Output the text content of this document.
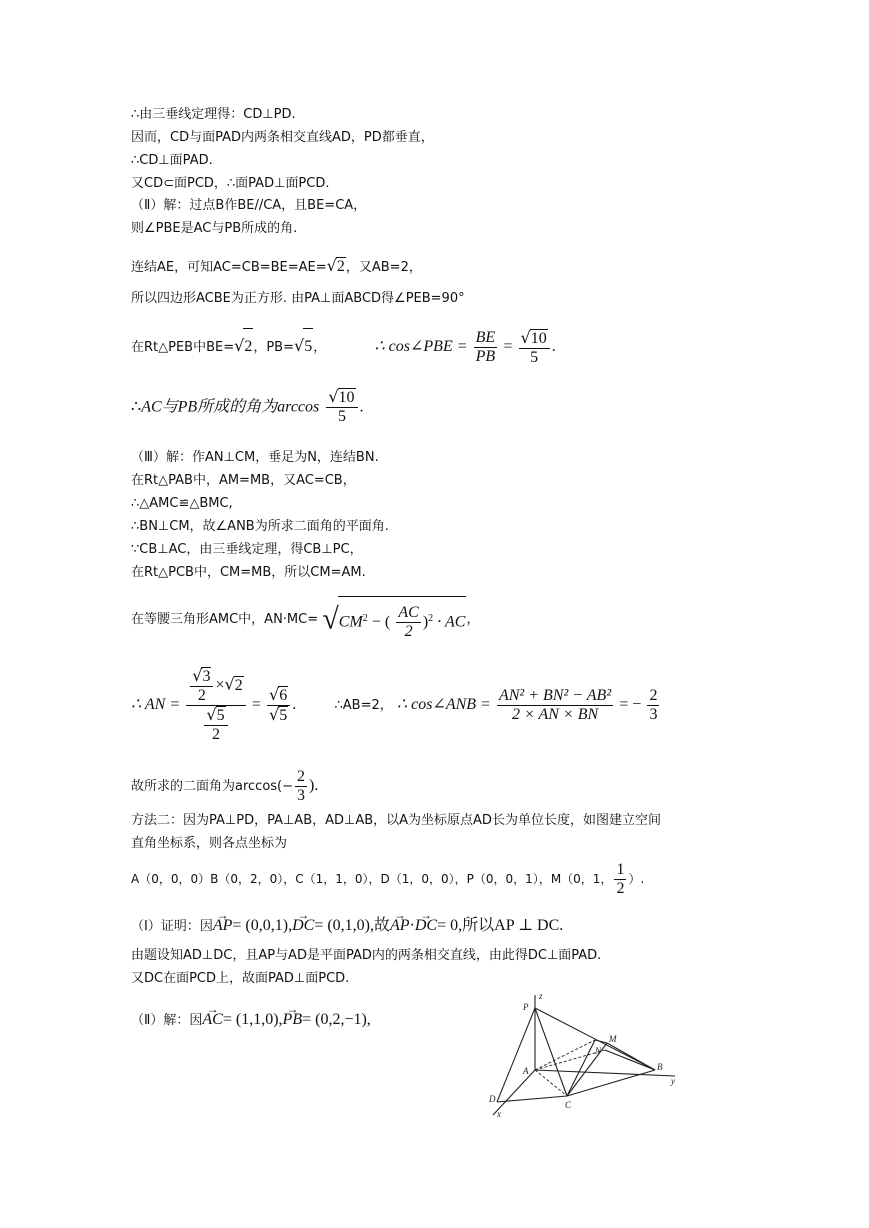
∴由三垂线定理得：CD⊥PD.
因而，CD与面PAD内两条相交直线AD，PD都垂直，
∴CD⊥面PAD.
又CD⊂面PCD，∴面PAD⊥面PCD.
（Ⅱ）解：过点B作BE//CA，且BE=CA，
则∠PBE是AC与PB所成的角.
连结AE，可知AC=CB=BE=AE=√2，又AB=2，
所以四边形ACBE为正方形. 由PA⊥面ABCD得∠PEB=90°
在Rt△PEB中BE=√2，PB=√5，	∴ cos∠PBE = $\frac{BE}{PB} = \frac{√10}{5}$ .
∴AC与PB所成的角为$\arccos \frac{√10}{5}$ .
（Ⅲ）解：作AN⊥CM，垂足为N，连结BN.
在Rt△PAB中，AM=MB，又AC=CB，
∴△AMC≌△BMC,
∴BN⊥CM，故∠ANB为所求二面角的平面角.
∵CB⊥AC，由三垂线定理，得CB⊥PC，
在Rt△PCB中，CM=MB，所以CM=AM.
在等腰三角形AMC中，$AN\cdot MC= √CM^2$ − ( $\frac{AC}{2} )^2$ · AC，
∴ AN = $\frac{\frac{√3}{2} \times√2}{\frac{√5}{2}} = \frac{√6}{√5}$ .	∴AB=2， ∴ cos∠ANB = $\frac{\text{AN² + BN² − AB²}}{2 \times AN \times BN}$ = − $\frac{2}{3}$
故所求的二面角为$\arccos(- \frac{2}{3}$ ).
方法二：因为PA⊥PD，PA⊥AB，AD⊥AB，以A为坐标原点AD长为单位长度，如图建立空间
直角坐标系，则各点坐标为
A（0，0，0）B（0，2，0），C（1，1，0），D（1，0，0），P（0，0，1），M（0，1， $\frac{1}{2}$ ）.
（Ⅰ）证明：因→ AP= (0,0,1),→ DC= (0,1,0),故→ AP·→ DC= 0,所以AP ⊥ DC.
由题设知AD⊥DC，且AP与AD是平面PAD内的两条相交直线，由此得DC⊥面PAD.
又DC在面PCD上，故面PAD⊥面PCD.
（Ⅱ）解：因→ AC= (1,1,0),→ PB= (0,2,−1),
z
P
M
N
A	B
y
D
x
C
